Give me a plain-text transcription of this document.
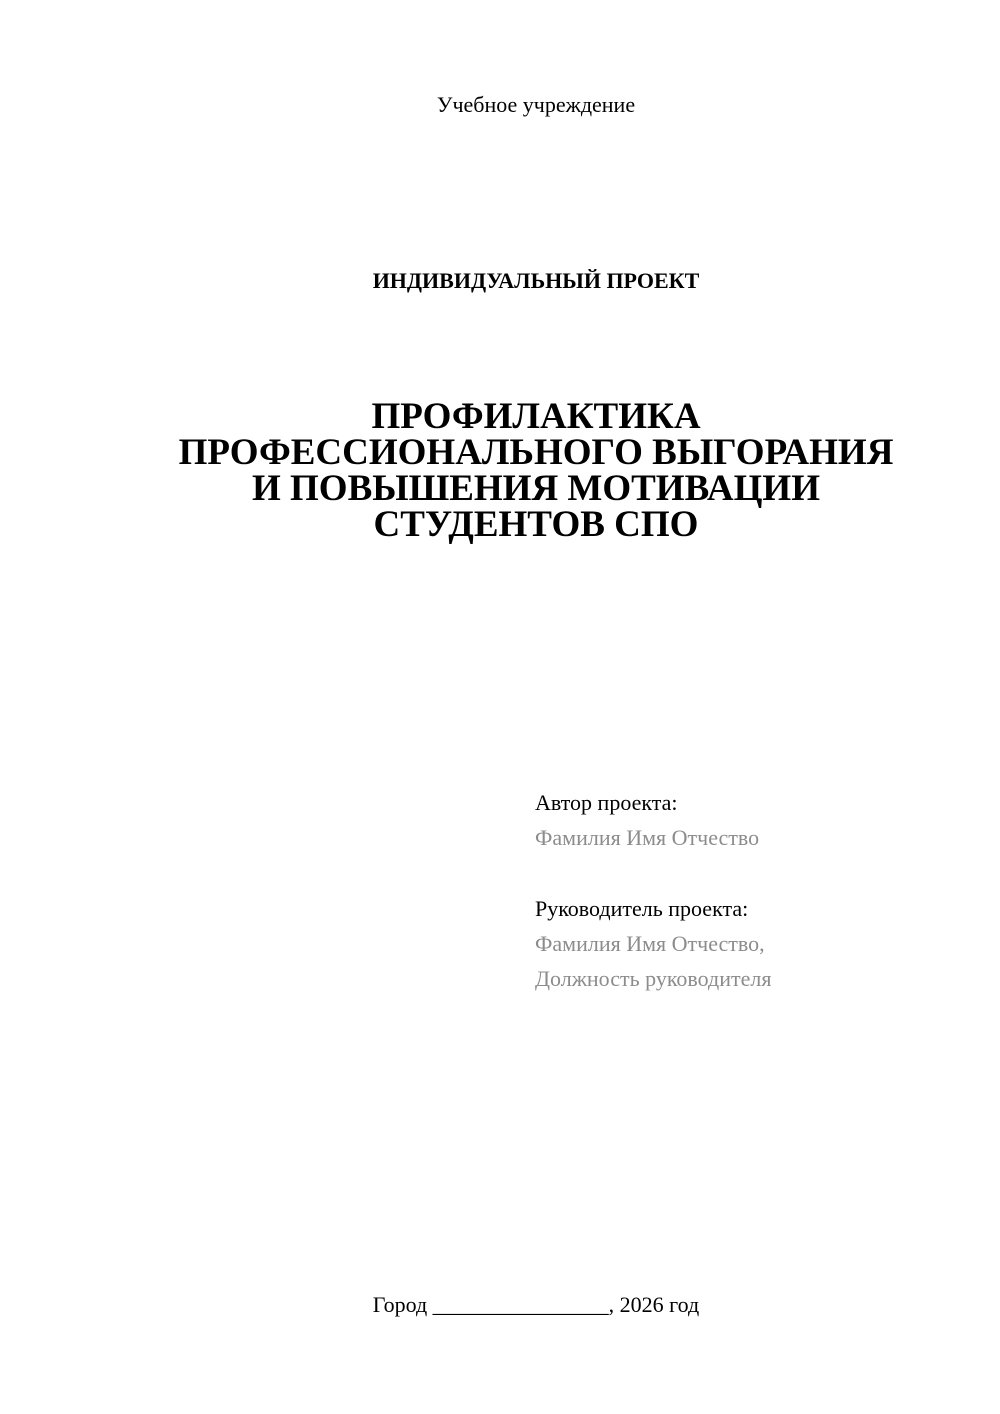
Учебное учреждение
ИНДИВИДУАЛЬНЫЙ ПРОЕКТ
ПРОФИЛАКТИКА
ПРОФЕССИОНАЛЬНОГО ВЫГОРАНИЯ
И ПОВЫШЕНИЯ МОТИВАЦИИ
СТУДЕНТОВ СПО
Автор проекта:
Фамилия Имя Отчество
Руководитель проекта:
Фамилия Имя Отчество,
Должность руководителя
Город ________________, 2026 год
